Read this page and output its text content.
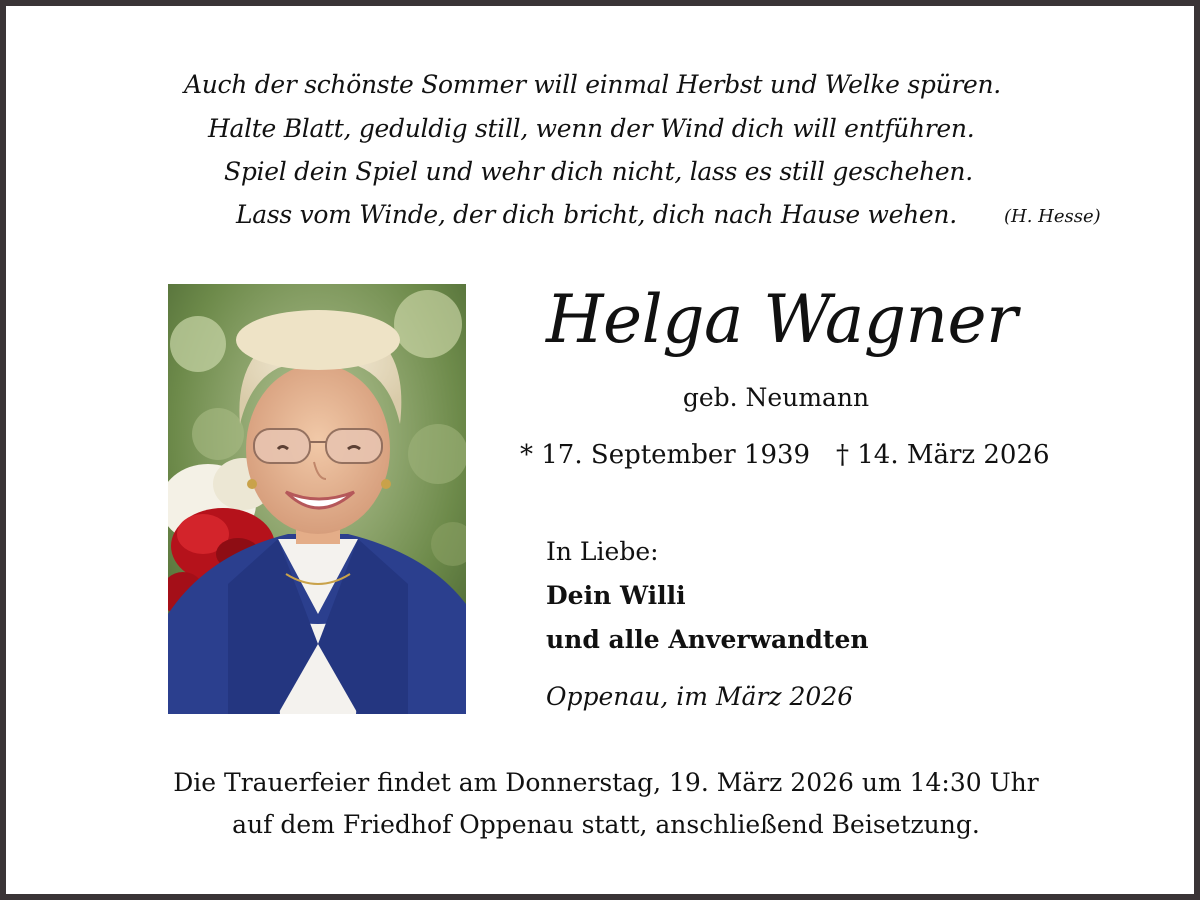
Auch der schönste Sommer will einmal Herbst und Welke spüren.
Halte Blatt, geduldig still, wenn der Wind dich will entführen.
Spiel dein Spiel und wehr dich nicht, lass es still geschehen.
Lass vom Winde, der dich bricht, dich nach Hause wehen.	(H. Hesse)
Helga Wagner
geb. Neumann
* 17. September 1939 † 14. März 2026
In Liebe:
Dein Willi
und alle Anverwandten
Oppenau, im März 2026
Die Trauerfeier findet am Donnerstag, 19. März 2026 um 14:30 Uhr
auf dem Friedhof Oppenau statt, anschließend Beisetzung.
